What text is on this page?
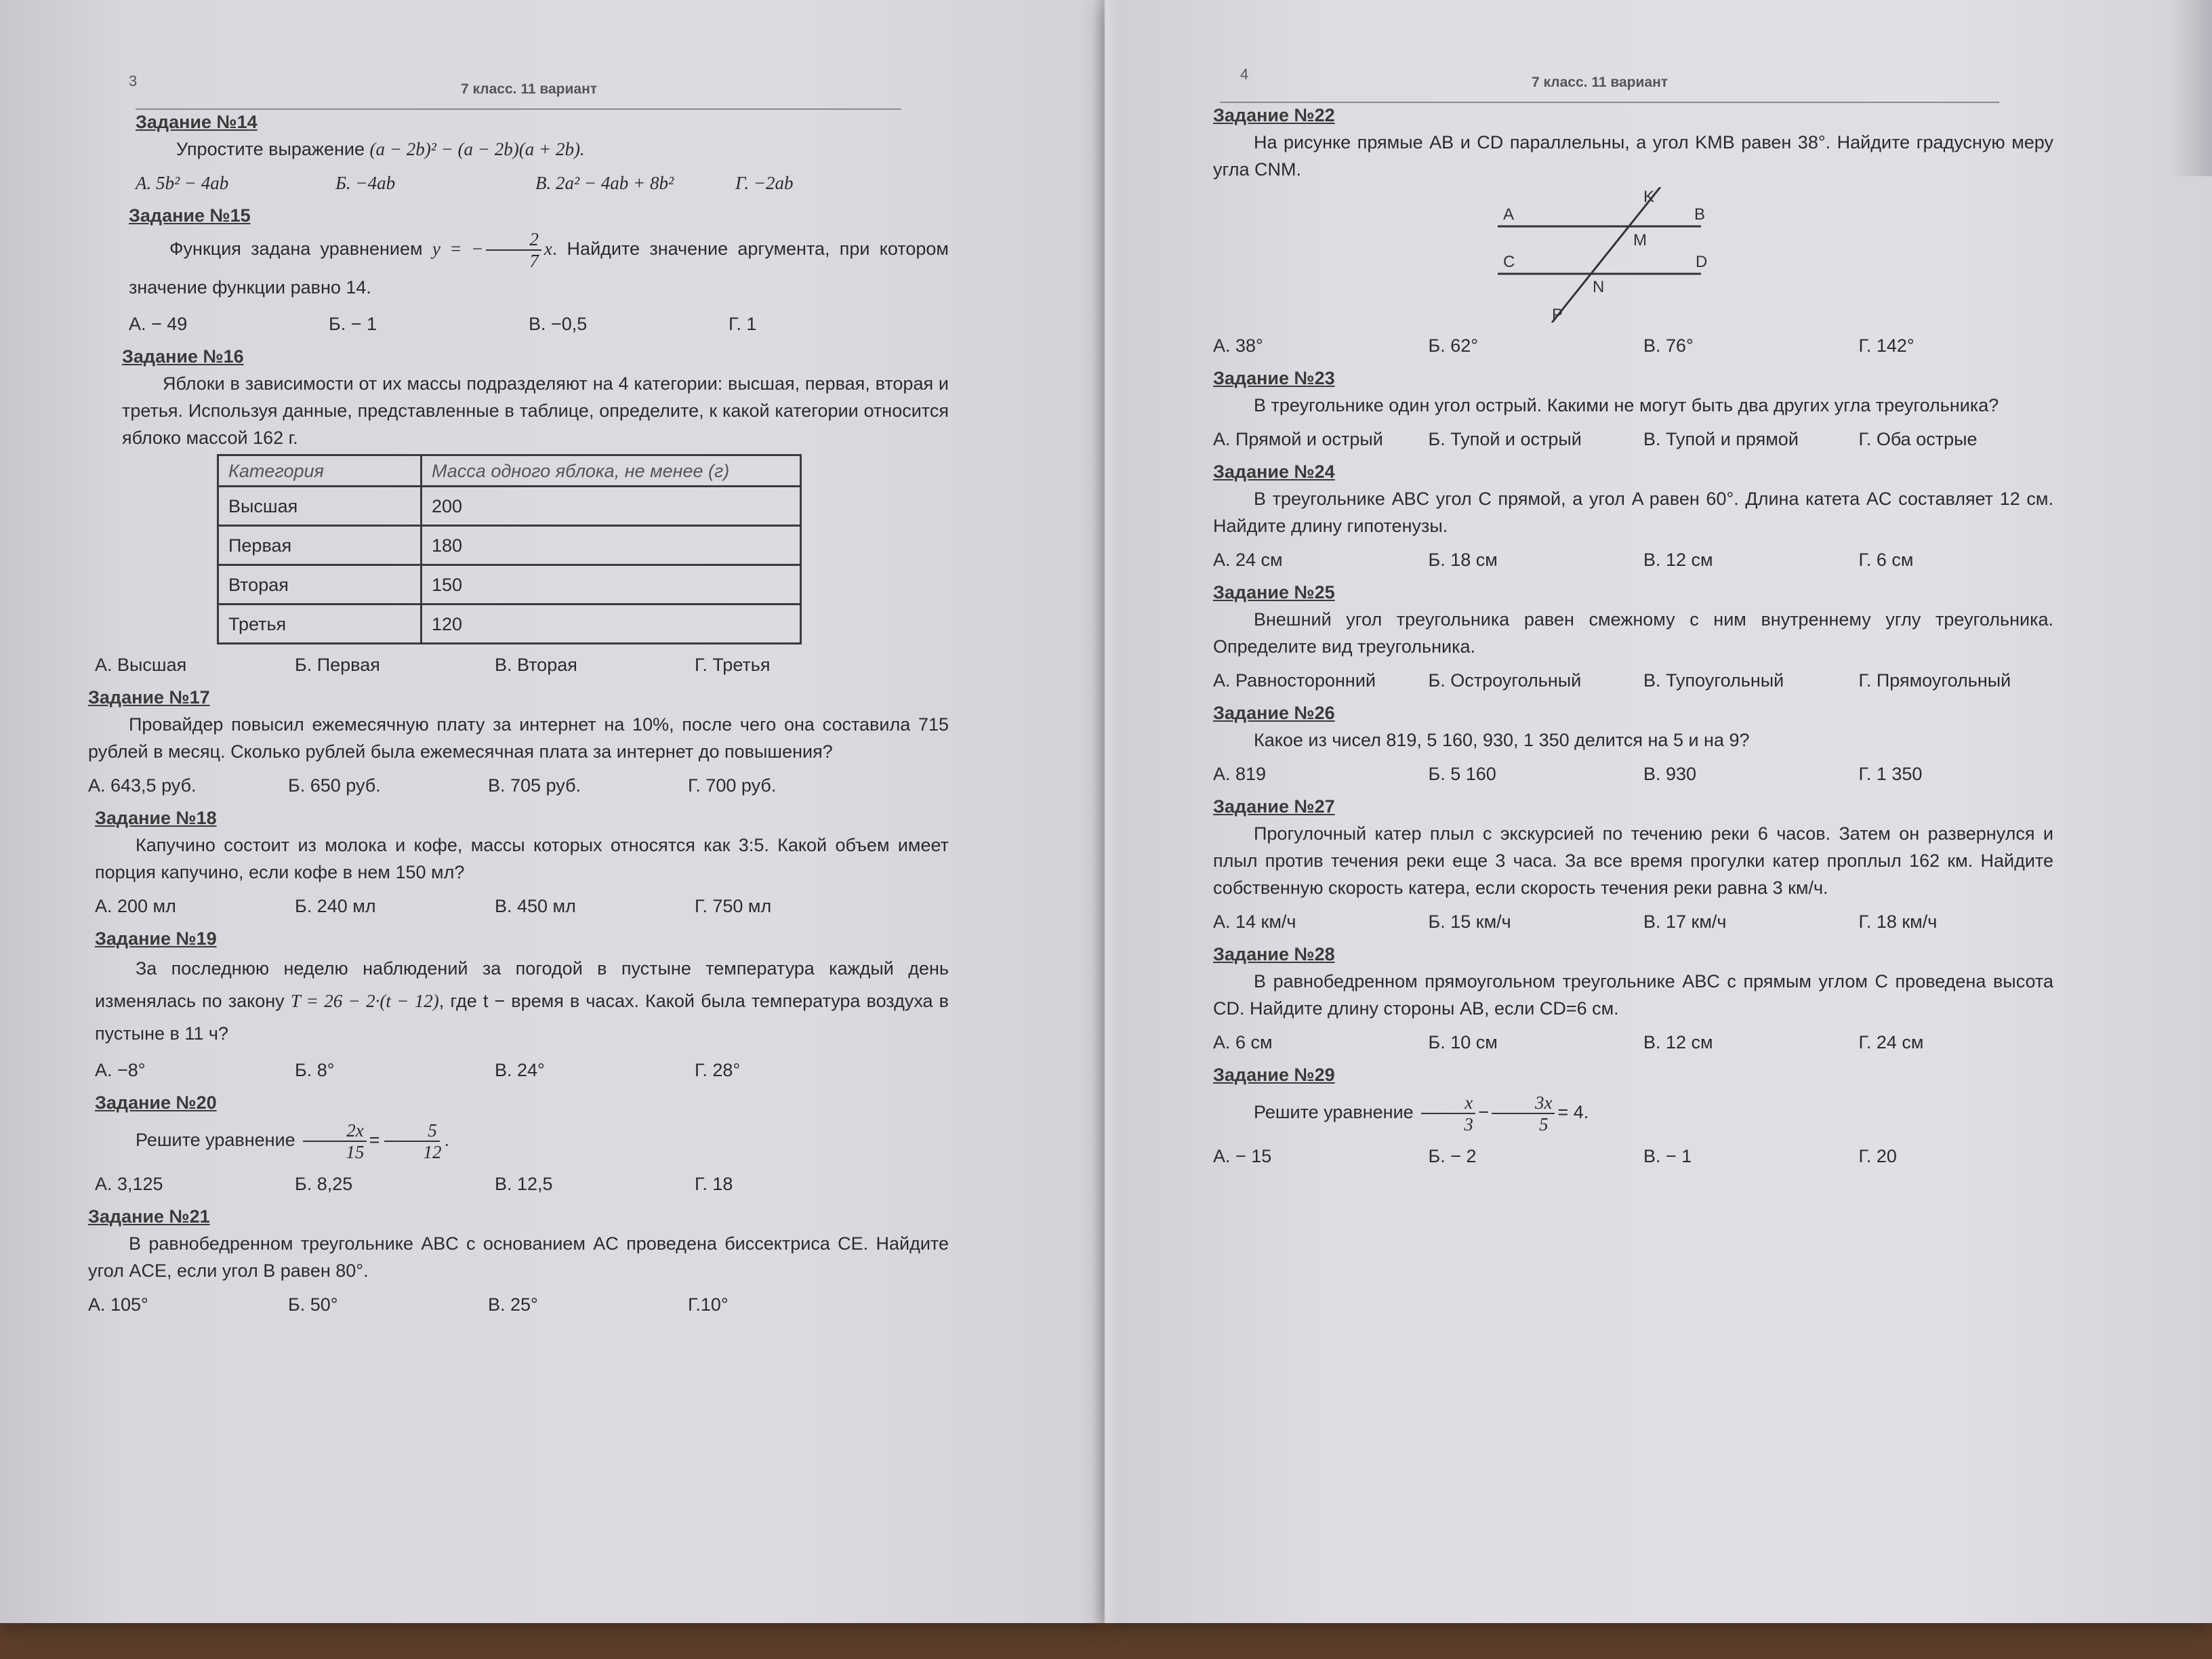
3	7 класс. 11 вариант
Задание №14
Упростите выражение (a − 2b)² − (a − 2b)(a + 2b).
А. 5b² − 4ab	Б. −4ab	В. 2a² − 4ab + 8b²	Г. −2ab
Задание №15
Функция задана уравнением y = − $\frac{2}{7} x$. Найдите значение аргумента, при котором значение функции равно 14.
А. − 49	Б. − 1	В. −0,5	Г. 1
Задание №16
Яблоки в зависимости от их массы подразделяют на 4 категории: высшая, первая, вторая и третья. Используя данные, представленные в таблице, определите, к какой категории относится яблоко массой 162 г.
Категория	Масса одного яблока, не менее (г)
Высшая	200
Первая	180
Вторая	150
Третья	120
А. Высшая	Б. Первая	В. Вторая	Г. Третья
Задание №17
Провайдер повысил ежемесячную плату за интернет на 10%, после чего она составила 715 рублей в месяц. Сколько рублей была ежемесячная плата за интернет до повышения?
А. 643,5 руб.	Б. 650 руб.	В. 705 руб.	Г. 700 руб.
Задание №18
Капучино состоит из молока и кофе, массы которых относятся как 3:5. Какой объем имеет порция капучино, если кофе в нем 150 мл?
А. 200 мл	Б. 240 мл	В. 450 мл	Г. 750 мл
Задание №19
За последнюю неделю наблюдений за погодой в пустыне температура каждый день изменялась по закону T = 26 − 2·(t − 12), где t − время в часах. Какой была температура воздуха в пустыне в 11 ч?
А. −8°	Б. 8°	В. 24°	Г. 28°
Задание №20
Решите уравнение $\frac{2x}{15} = \frac{5}{12}$ .
А. 3,125	Б. 8,25	В. 12,5	Г. 18
Задание №21
В равнобедренном треугольнике ABC с основанием AC проведена биссектриса CE. Найдите угол ACE, если угол B равен 80°.
А. 105°	Б. 50°	В. 25°	Г.10°
4	7 класс. 11 вариант
Задание №22
На рисунке прямые AB и CD параллельны, а угол KMB равен 38°. Найдите градусную меру угла CNM.
A	B
C	D
K
M
N
P
А. 38°	Б. 62°	В. 76°	Г. 142°
Задание №23
В треугольнике один угол острый. Какими не могут быть два других угла треугольника?
А. Прямой и острый	Б. Тупой и острый	В. Тупой и прямой	Г. Оба острые
Задание №24
В треугольнике ABC угол C прямой, а угол A равен 60°. Длина катета AC составляет 12 см. Найдите длину гипотенузы.
А. 24 см	Б. 18 см	В. 12 см	Г. 6 см
Задание №25
Внешний угол треугольника равен смежному с ним внутреннему углу треугольника. Определите вид треугольника.
А. Равносторонний	Б. Остроугольный	В. Тупоугольный	Г. Прямоугольный
Задание №26
Какое из чисел 819, 5 160, 930, 1 350 делится на 5 и на 9?
А. 819	Б. 5 160	В. 930	Г. 1 350
Задание №27
Прогулочный катер плыл с экскурсией по течению реки 6 часов. Затем он развернулся и плыл против течения реки еще 3 часа. За все время прогулки катер проплыл 162 км. Найдите собственную скорость катера, если скорость течения реки равна 3 км/ч.
А. 14 км/ч	Б. 15 км/ч	В. 17 км/ч	Г. 18 км/ч
Задание №28
В равнобедренном прямоугольном треугольнике ABC с прямым углом C проведена высота CD. Найдите длину стороны AB, если CD=6 см.
А. 6 см	Б. 10 см	В. 12 см	Г. 24 см
Задание №29
Решите уравнение $\frac{x}{3} - \frac{3x}{5} = 4$.
А. − 15	Б. − 2	В. − 1	Г. 20
